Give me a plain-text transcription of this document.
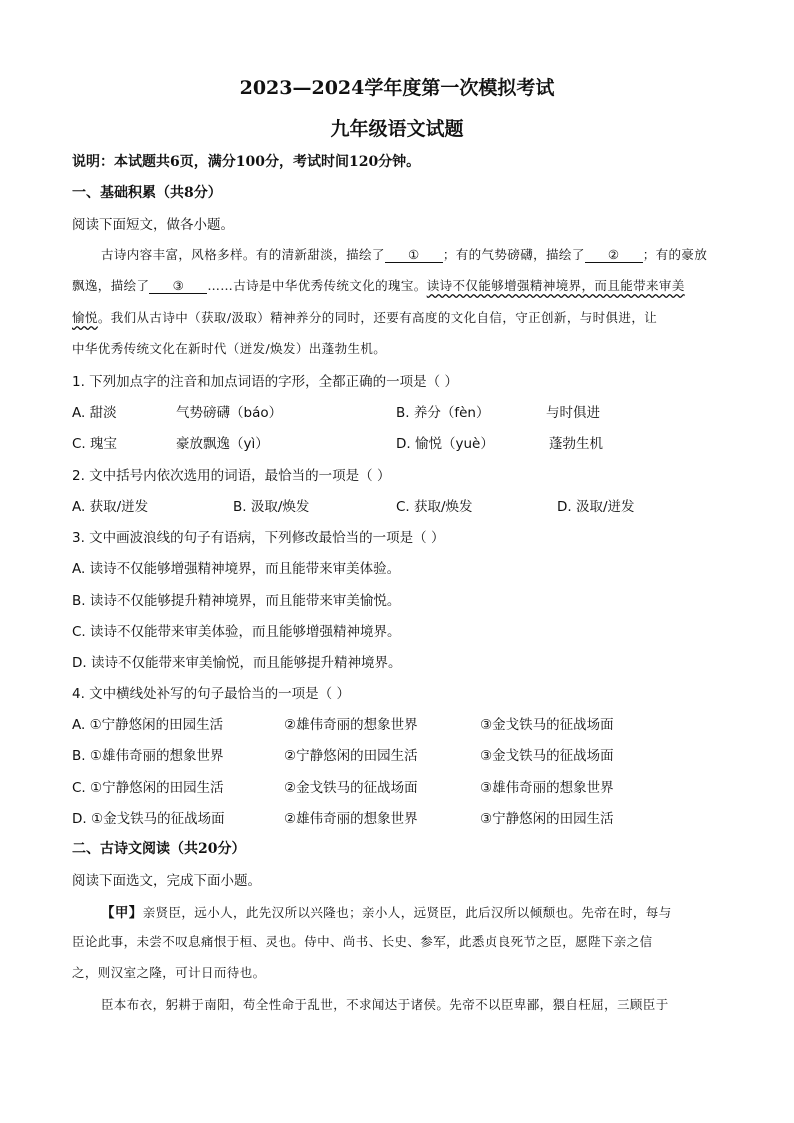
2023—2024学年度第一次模拟考试
九年级语文试题
说明：本试题共6页，满分100分，考试时间120分钟。
一、基础积累（共8分）
阅读下面短文，做各小题。
古诗内容丰富，风格多样。有的清新甜淡，描绘了 ① ；有的气势磅礴，描绘了 ② ；有的豪放
飘逸，描绘了 ③ ……古诗是中华优秀传统文化的瑰宝。读诗不仅能够增强精神境界，而且能带来审美
愉悦。我们从古诗中（获取/汲取）精神养分的同时，还要有高度的文化自信，守正创新，与时俱进，让
中华优秀传统文化在新时代（迸发/焕发）出蓬勃生机。
1. 下列加点字的注音和加点词语的字形，全都正确的一项是（ ）
A. 甜淡	气势磅礴（báo）	B. 养分（fèn）	与时俱进
C. 瑰宝	豪放飘逸（yì）	D. 愉悦（yuè）	蓬勃生机
2. 文中括号内依次选用的词语，最恰当的一项是（ ）
A. 获取/迸发	B. 汲取/焕发	C. 获取/焕发	D. 汲取/迸发
3. 文中画波浪线的句子有语病，下列修改最恰当的一项是（ ）
A. 读诗不仅能够增强精神境界，而且能带来审美体验。
B. 读诗不仅能够提升精神境界，而且能带来审美愉悦。
C. 读诗不仅能带来审美体验，而且能够增强精神境界。
D. 读诗不仅能带来审美愉悦，而且能够提升精神境界。
4. 文中横线处补写的句子最恰当的一项是（ ）
A. ①宁静悠闲的田园生活	②雄伟奇丽的想象世界	③金戈铁马的征战场面
B. ①雄伟奇丽的想象世界	②宁静悠闲的田园生活	③金戈铁马的征战场面
C. ①宁静悠闲的田园生活	②金戈铁马的征战场面	③雄伟奇丽的想象世界
D. ①金戈铁马的征战场面	②雄伟奇丽的想象世界	③宁静悠闲的田园生活
二、古诗文阅读（共20分）
阅读下面选文，完成下面小题。
【甲】亲贤臣，远小人，此先汉所以兴隆也；亲小人，远贤臣，此后汉所以倾颓也。先帝在时，每与
臣论此事，未尝不叹息痛恨于桓、灵也。侍中、尚书、长史、参军，此悉贞良死节之臣，愿陛下亲之信
之，则汉室之隆，可计日而待也。
臣本布衣，躬耕于南阳，苟全性命于乱世，不求闻达于诸侯。先帝不以臣卑鄙，猥自枉屈，三顾臣于
